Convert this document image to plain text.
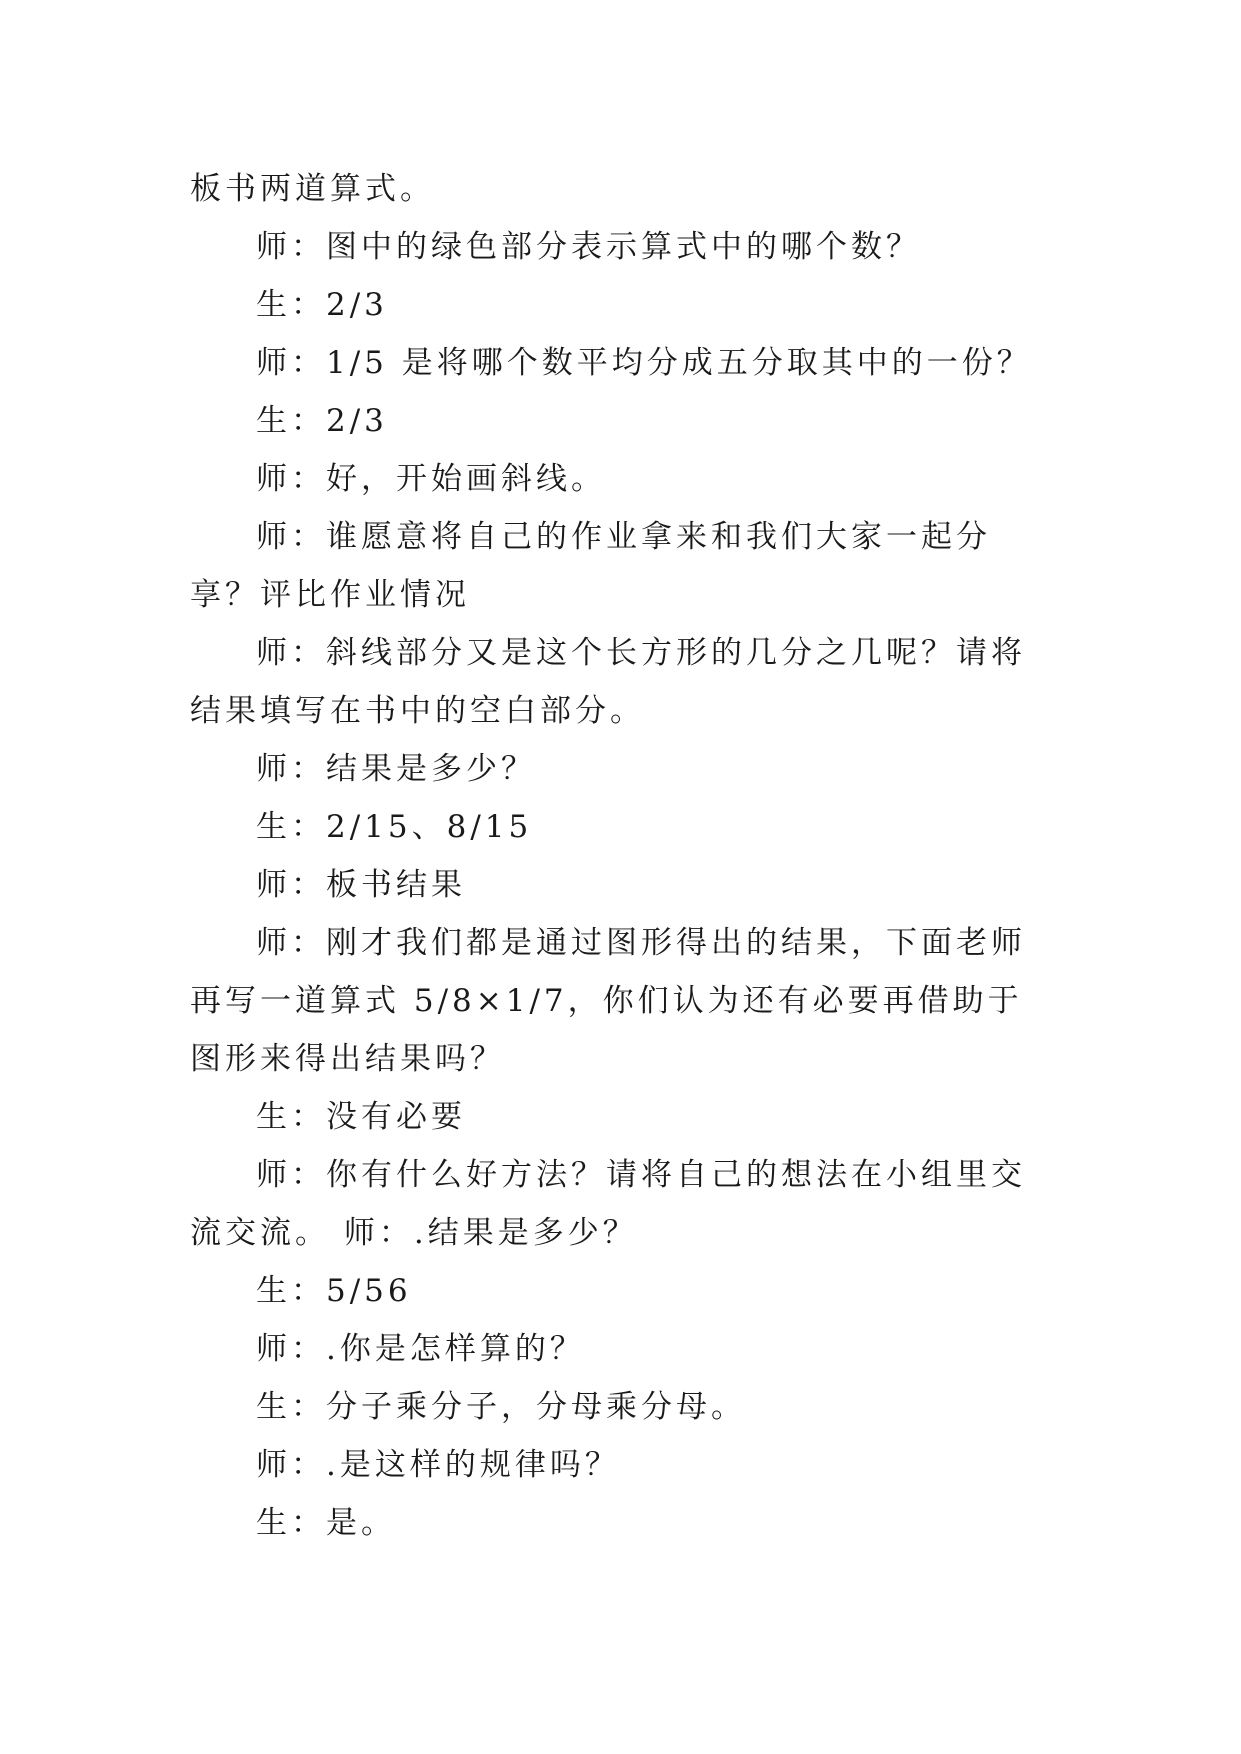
板书两道算式。

师：图中的绿色部分表示算式中的哪个数？

生：2/3

师：1/5 是将哪个数平均分成五分取其中的一份？

生：2/3

师：好，开始画斜线。

师：谁愿意将自己的作业拿来和我们大家一起分享？评比作业情况

师：斜线部分又是这个长方形的几分之几呢？请将结果填写在书中的空白部分。

师：结果是多少？

生：2/15、8/15

师：板书结果

师：刚才我们都是通过图形得出的结果，下面老师再写一道算式 5/8×1/7，你们认为还有必要再借助于图形来得出结果吗？

生：没有必要

师：你有什么好方法？请将自己的想法在小组里交流交流。 师：.结果是多少？

生：5/56

师：.你是怎样算的？

生：分子乘分子，分母乘分母。

师：.是这样的规律吗？

生：是。
